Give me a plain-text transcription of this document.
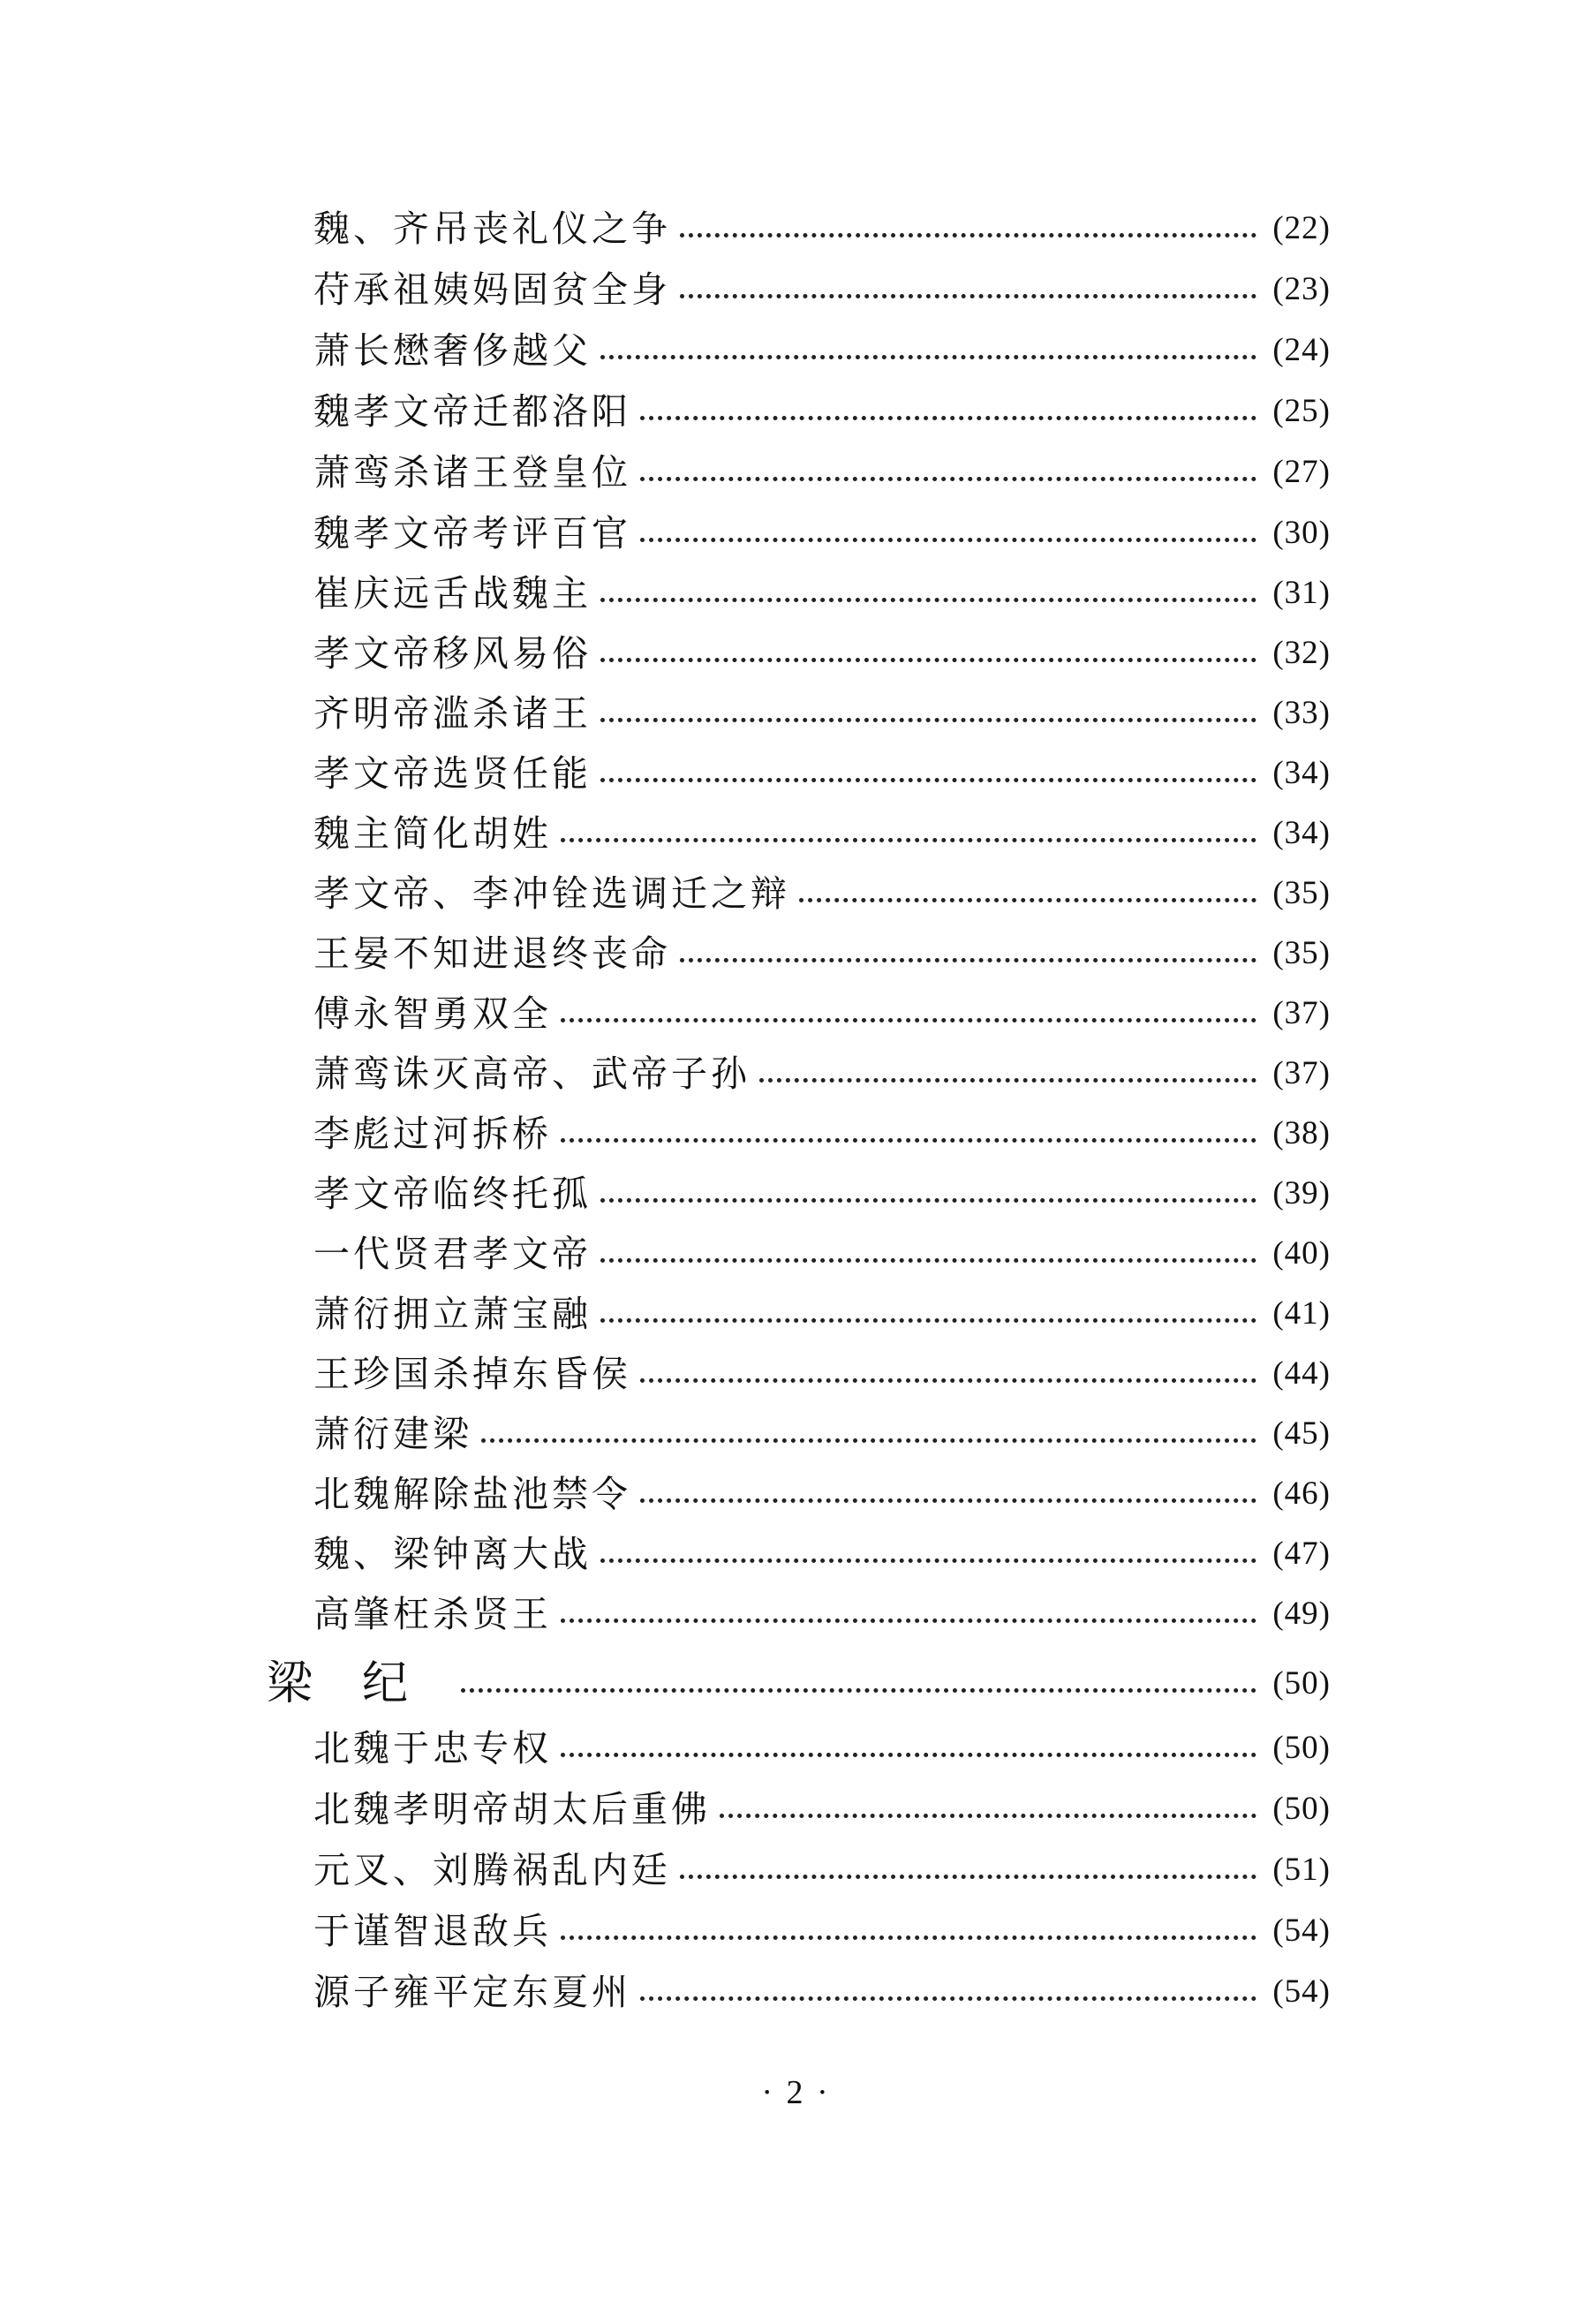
魏、齐吊丧礼仪之争	(22)
苻承祖姨妈固贫全身	(23)
萧长懋奢侈越父	(24)
魏孝文帝迁都洛阳	(25)
萧鸾杀诸王登皇位	(27)
魏孝文帝考评百官	(30)
崔庆远舌战魏主	(31)
孝文帝移风易俗	(32)
齐明帝滥杀诸王	(33)
孝文帝选贤任能	(34)
魏主简化胡姓	(34)
孝文帝、李冲铨选调迁之辩	(35)
王晏不知进退终丧命	(35)
傅永智勇双全	(37)
萧鸾诛灭高帝、武帝子孙	(37)
李彪过河拆桥	(38)
孝文帝临终托孤	(39)
一代贤君孝文帝	(40)
萧衍拥立萧宝融	(41)
王珍国杀掉东昏侯	(44)
萧衍建梁	(45)
北魏解除盐池禁令	(46)
魏、梁钟离大战	(47)
高肇枉杀贤王	(49)
梁纪	(50)
北魏于忠专权	(50)
北魏孝明帝胡太后重佛	(50)
元叉、刘腾祸乱内廷	(51)
于谨智退敌兵	(54)
源子雍平定东夏州	(54)
· 2 ·
